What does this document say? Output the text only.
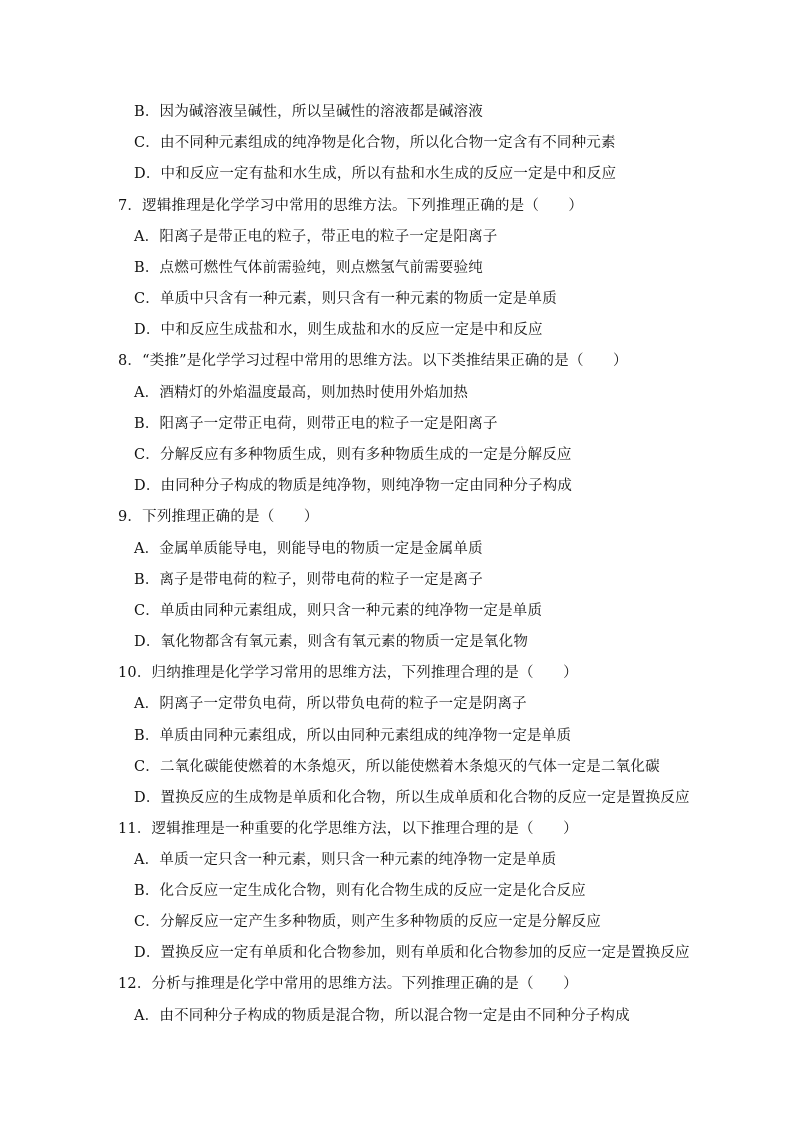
B．因为碱溶液呈碱性，所以呈碱性的溶液都是碱溶液
C．由不同种元素组成的纯净物是化合物，所以化合物一定含有不同种元素
D．中和反应一定有盐和水生成，所以有盐和水生成的反应一定是中和反应
7．逻辑推理是化学学习中常用的思维方法。下列推理正确的是（　　）
A．阳离子是带正电的粒子，带正电的粒子一定是阳离子
B．点燃可燃性气体前需验纯，则点燃氢气前需要验纯
C．单质中只含有一种元素，则只含有一种元素的物质一定是单质
D．中和反应生成盐和水，则生成盐和水的反应一定是中和反应
8．“类推”是化学学习过程中常用的思维方法。以下类推结果正确的是（　　）
A．酒精灯的外焰温度最高，则加热时使用外焰加热
B．阳离子一定带正电荷，则带正电的粒子一定是阳离子
C．分解反应有多种物质生成，则有多种物质生成的一定是分解反应
D．由同种分子构成的物质是纯净物，则纯净物一定由同种分子构成
9．下列推理正确的是（　　）
A．金属单质能导电，则能导电的物质一定是金属单质
B．离子是带电荷的粒子，则带电荷的粒子一定是离子
C．单质由同种元素组成，则只含一种元素的纯净物一定是单质
D．氧化物都含有氧元素，则含有氧元素的物质一定是氧化物
10．归纳推理是化学学习常用的思维方法，下列推理合理的是（　　）
A．阴离子一定带负电荷，所以带负电荷的粒子一定是阴离子
B．单质由同种元素组成，所以由同种元素组成的纯净物一定是单质
C．二氧化碳能使燃着的木条熄灭，所以能使燃着木条熄灭的气体一定是二氧化碳
D．置换反应的生成物是单质和化合物，所以生成单质和化合物的反应一定是置换反应
11．逻辑推理是一种重要的化学思维方法，以下推理合理的是（　　）
A．单质一定只含一种元素，则只含一种元素的纯净物一定是单质
B．化合反应一定生成化合物，则有化合物生成的反应一定是化合反应
C．分解反应一定产生多种物质，则产生多种物质的反应一定是分解反应
D．置换反应一定有单质和化合物参加，则有单质和化合物参加的反应一定是置换反应
12．分析与推理是化学中常用的思维方法。下列推理正确的是（　　）
A．由不同种分子构成的物质是混合物，所以混合物一定是由不同种分子构成
